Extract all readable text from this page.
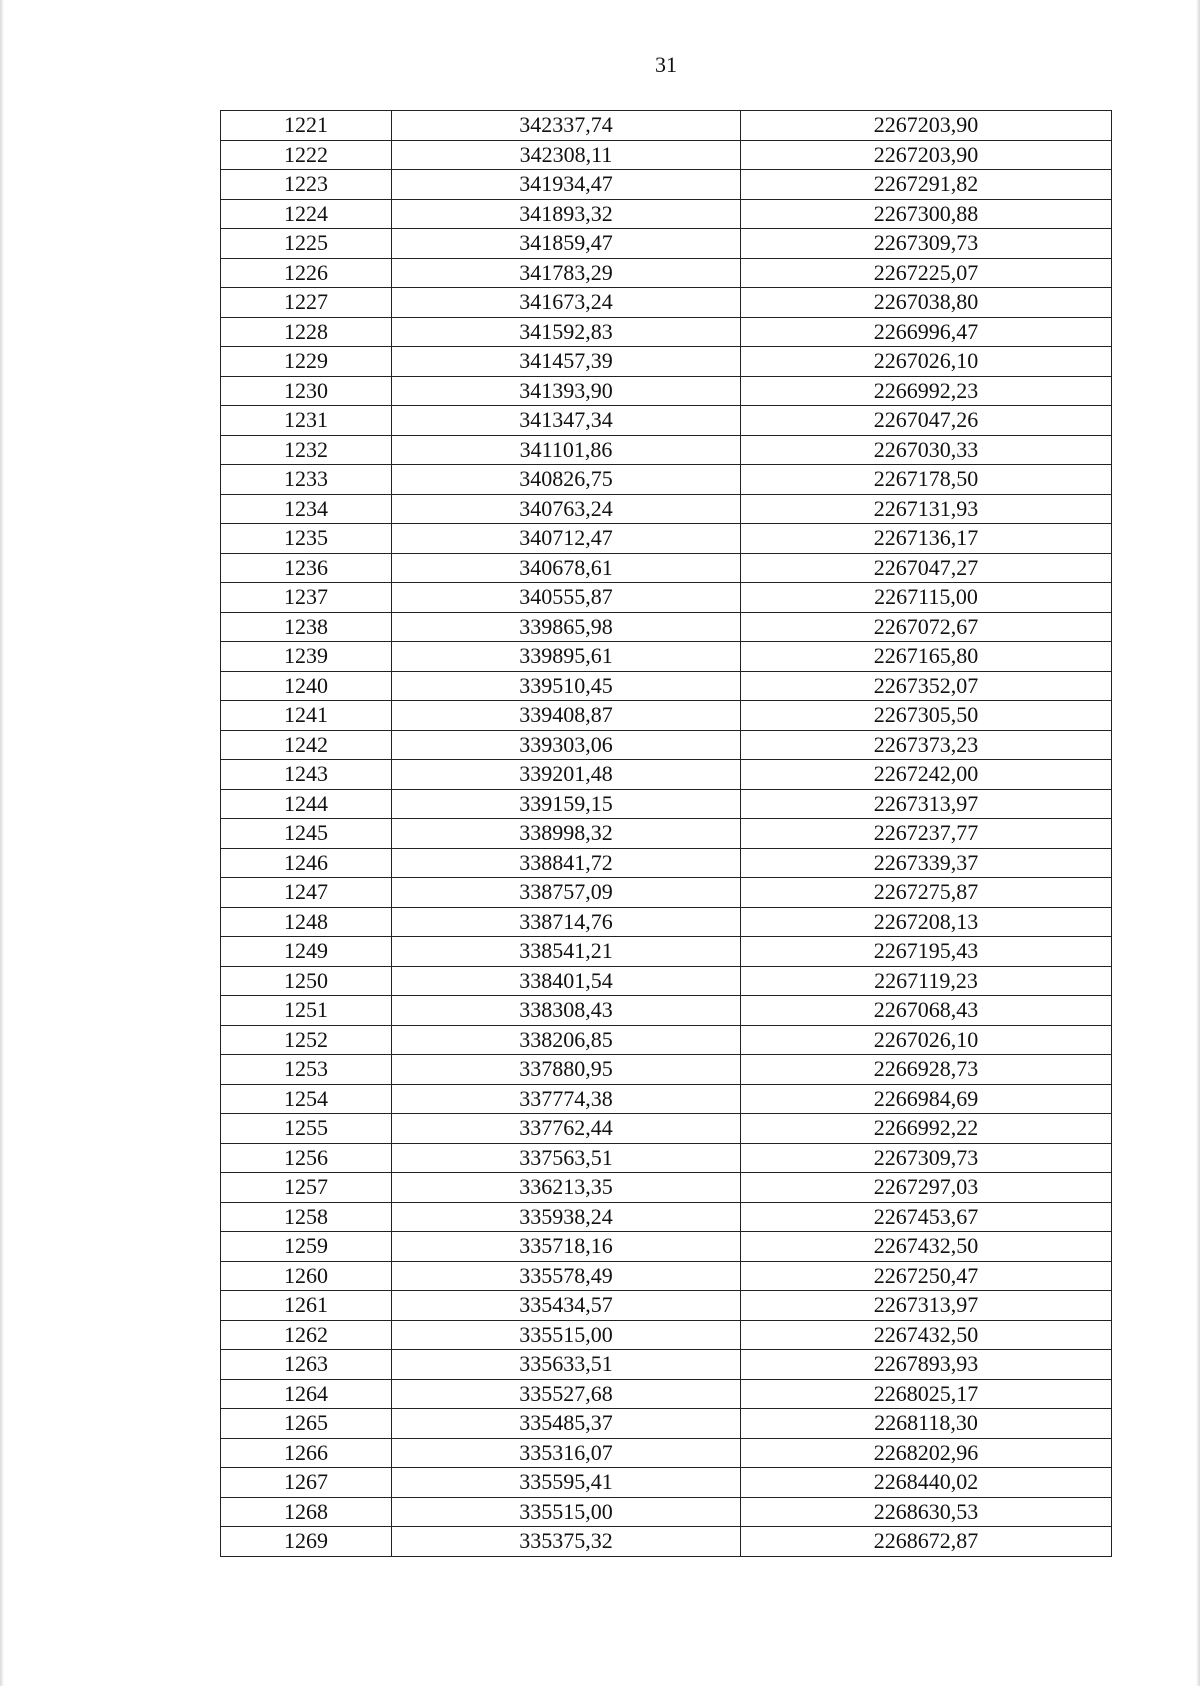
31
1221	342337,74	2267203,90
1222	342308,11	2267203,90
1223	341934,47	2267291,82
1224	341893,32	2267300,88
1225	341859,47	2267309,73
1226	341783,29	2267225,07
1227	341673,24	2267038,80
1228	341592,83	2266996,47
1229	341457,39	2267026,10
1230	341393,90	2266992,23
1231	341347,34	2267047,26
1232	341101,86	2267030,33
1233	340826,75	2267178,50
1234	340763,24	2267131,93
1235	340712,47	2267136,17
1236	340678,61	2267047,27
1237	340555,87	2267115,00
1238	339865,98	2267072,67
1239	339895,61	2267165,80
1240	339510,45	2267352,07
1241	339408,87	2267305,50
1242	339303,06	2267373,23
1243	339201,48	2267242,00
1244	339159,15	2267313,97
1245	338998,32	2267237,77
1246	338841,72	2267339,37
1247	338757,09	2267275,87
1248	338714,76	2267208,13
1249	338541,21	2267195,43
1250	338401,54	2267119,23
1251	338308,43	2267068,43
1252	338206,85	2267026,10
1253	337880,95	2266928,73
1254	337774,38	2266984,69
1255	337762,44	2266992,22
1256	337563,51	2267309,73
1257	336213,35	2267297,03
1258	335938,24	2267453,67
1259	335718,16	2267432,50
1260	335578,49	2267250,47
1261	335434,57	2267313,97
1262	335515,00	2267432,50
1263	335633,51	2267893,93
1264	335527,68	2268025,17
1265	335485,37	2268118,30
1266	335316,07	2268202,96
1267	335595,41	2268440,02
1268	335515,00	2268630,53
1269	335375,32	2268672,87
